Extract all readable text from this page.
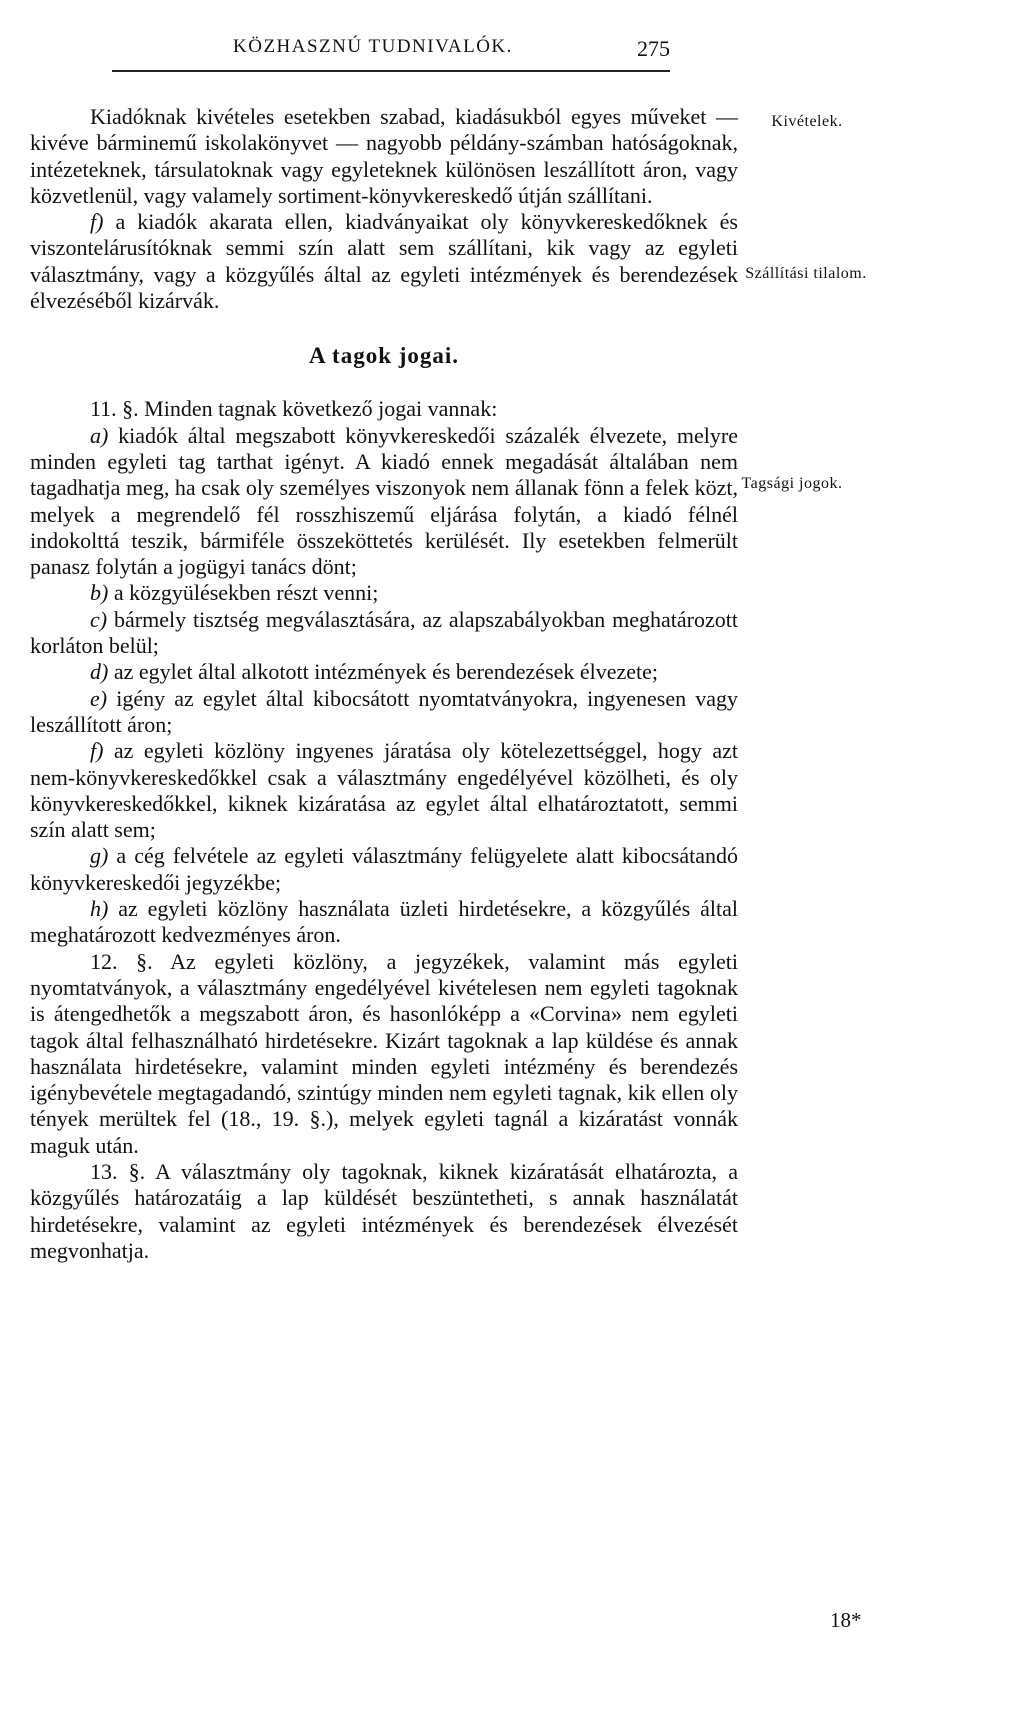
KÖZHASZNÚ TUDNIVALÓK.	275
Kivételek.
Szállítási tilalom.
Tagsági jogok.

Kiadóknak kivételes esetekben szabad, kiadásukból egyes műveket — kivéve bárminemű iskolakönyvet — nagyobb példány-számban hatóságoknak, intézeteknek, társulatoknak vagy egyleteknek különösen leszállított áron, vagy közvetlenül, vagy valamely sortiment-könyvkereskedő útján szállítani.

f) a kiadók akarata ellen, kiadványaikat oly könyvkereskedőknek és viszontelárusítóknak semmi szín alatt sem szállítani, kik vagy az egyleti választmány, vagy a közgyűlés által az egyleti intézmények és berendezések élvezéséből kizárvák.

A tagok jogai.

11. §. Minden tagnak következő jogai vannak:

a) kiadók által megszabott könyvkereskedői százalék élvezete, melyre minden egyleti tag tarthat igényt. A kiadó ennek megadását általában nem tagadhatja meg, ha csak oly személyes viszonyok nem állanak fönn a felek közt, melyek a megrendelő fél rosszhiszemű eljárása folytán, a kiadó félnél indokolttá teszik, bármiféle összeköttetés kerülését. Ily esetekben felmerült panasz folytán a jogügyi tanács dönt;

b) a közgyülésekben részt venni;

c) bármely tisztség megválasztására, az alapszabályokban meghatározott korláton belül;

d) az egylet által alkotott intézmények és berendezések élvezete;

e) igény az egylet által kibocsátott nyomtatványokra, ingyenesen vagy leszállított áron;

f) az egyleti közlöny ingyenes járatása oly kötelezettséggel, hogy azt nem-könyvkereskedőkkel csak a választmány engedélyével közölheti, és oly könyvkereskedőkkel, kiknek kizáratása az egylet által elhatároztatott, semmi szín alatt sem;

g) a cég felvétele az egyleti választmány felügyelete alatt kibocsátandó könyvkereskedői jegyzékbe;

h) az egyleti közlöny használata üzleti hirdetésekre, a közgyűlés által meghatározott kedvezményes áron.

12. §. Az egyleti közlöny, a jegyzékek, valamint más egyleti nyomtatványok, a választmány engedélyével kivételesen nem egyleti tagoknak is átengedhetők a megszabott áron, és hasonlóképp a «Corvina» nem egyleti tagok által felhasználható hirdetésekre. Kizárt tagoknak a lap küldése és annak használata hirdetésekre, valamint minden egyleti intézmény és berendezés igénybevétele megtagadandó, szintúgy minden nem egyleti tagnak, kik ellen oly tények merültek fel (18., 19. §.), melyek egyleti tagnál a kizáratást vonnák maguk után.

13. §. A választmány oly tagoknak, kiknek kizáratását elhatározta, a közgyűlés határozatáig a lap küldését beszüntetheti, s annak használatát hirdetésekre, valamint az egyleti intézmények és berendezések élvezését megvonhatja.

18*
